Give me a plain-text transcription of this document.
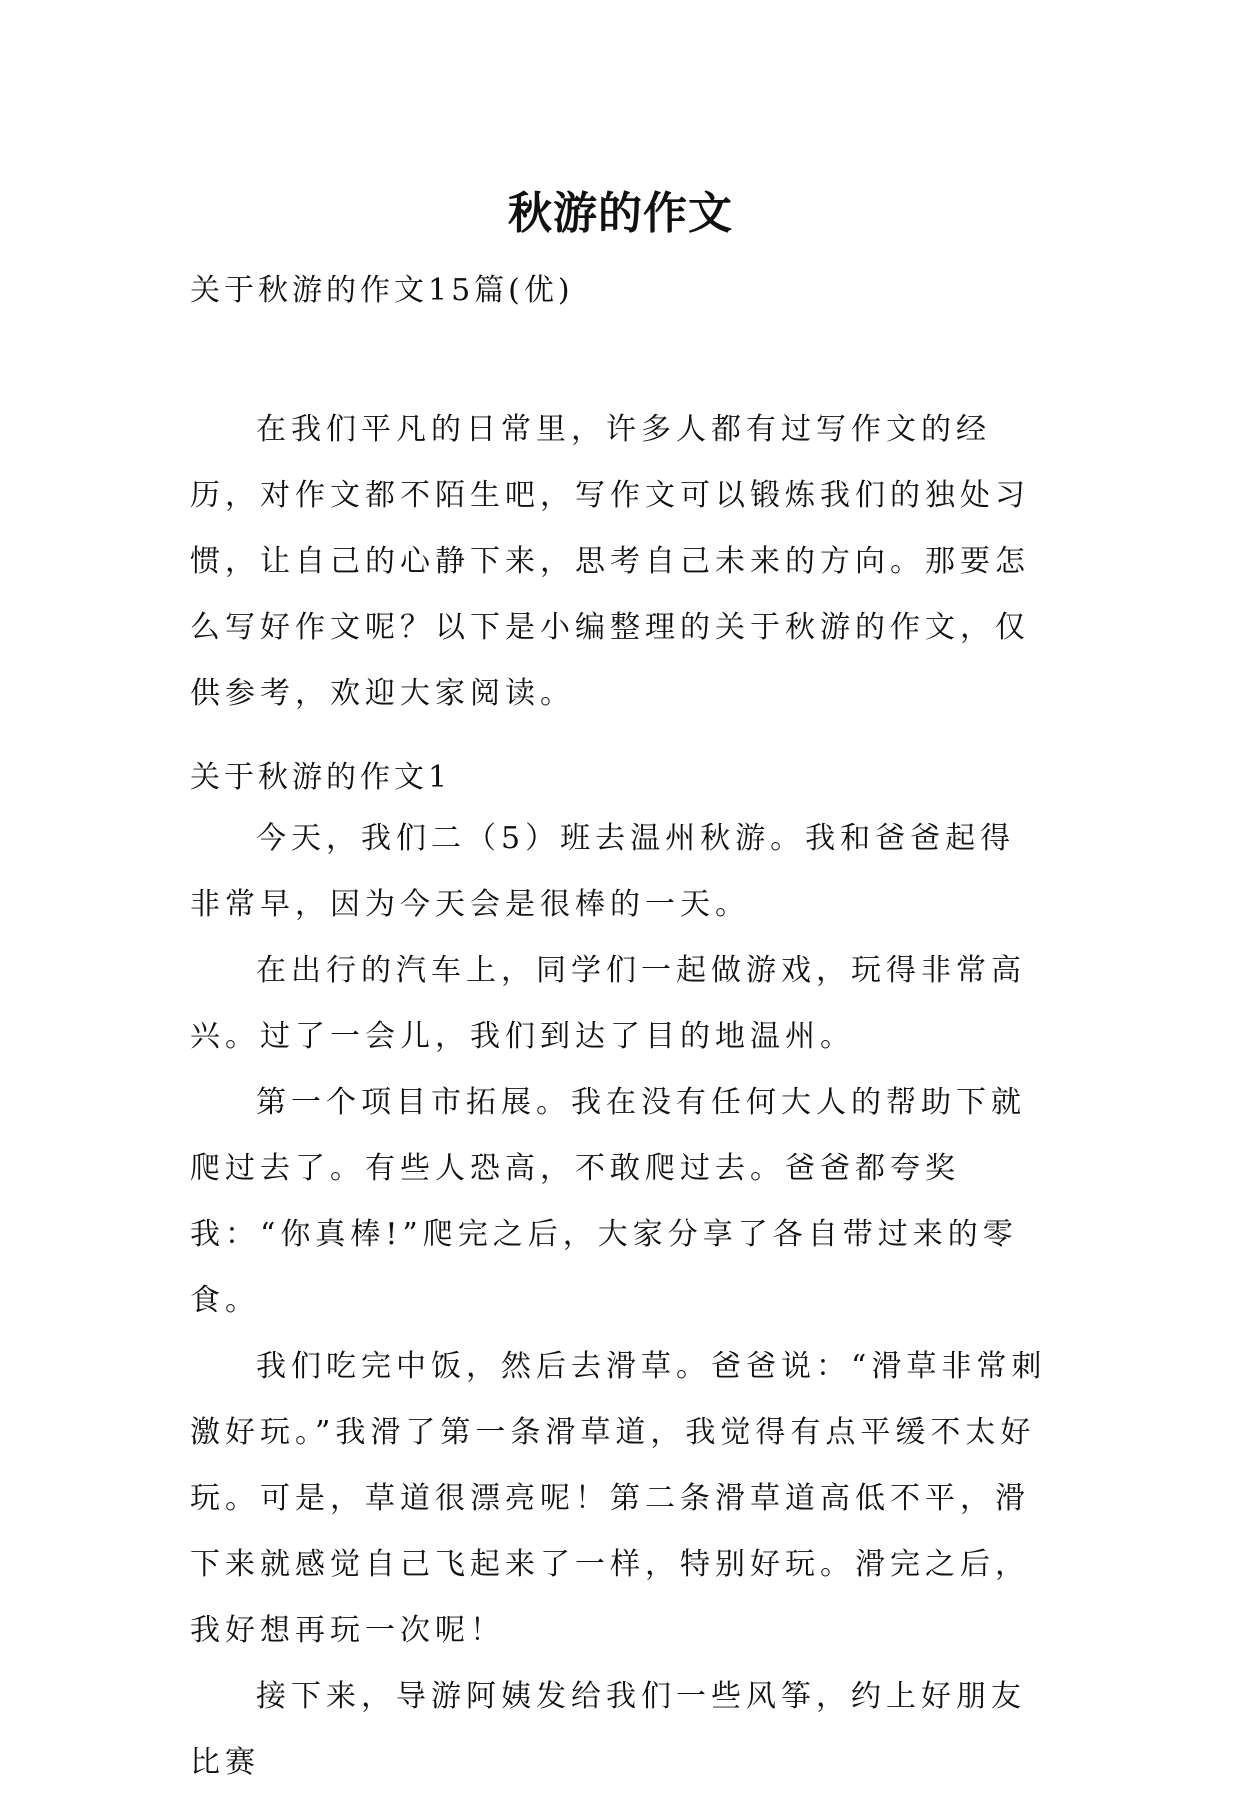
秋游的作文
关于秋游的作文15篇(优)

在我们平凡的日常里，许多人都有过写作文的经历，对作文都不陌生吧，写作文可以锻炼我们的独处习惯，让自己的心静下来，思考自己未来的方向。那要怎么写好作文呢？以下是小编整理的关于秋游的作文，仅供参考，欢迎大家阅读。

关于秋游的作文1

今天，我们二（5）班去温州秋游。我和爸爸起得非常早，因为今天会是很棒的一天。

在出行的汽车上，同学们一起做游戏，玩得非常高兴。过了一会儿，我们到达了目的地温州。

第一个项目市拓展。我在没有任何大人的帮助下就爬过去了。有些人恐高，不敢爬过去。爸爸都夸奖我：“你真棒!”爬完之后，大家分享了各自带过来的零食。

我们吃完中饭，然后去滑草。爸爸说：“滑草非常刺激好玩。”我滑了第一条滑草道，我觉得有点平缓不太好玩。可是，草道很漂亮呢！第二条滑草道高低不平，滑下来就感觉自己飞起来了一样，特别好玩。滑完之后，我好想再玩一次呢！

接下来，导游阿姨发给我们一些风筝，约上好朋友比赛
